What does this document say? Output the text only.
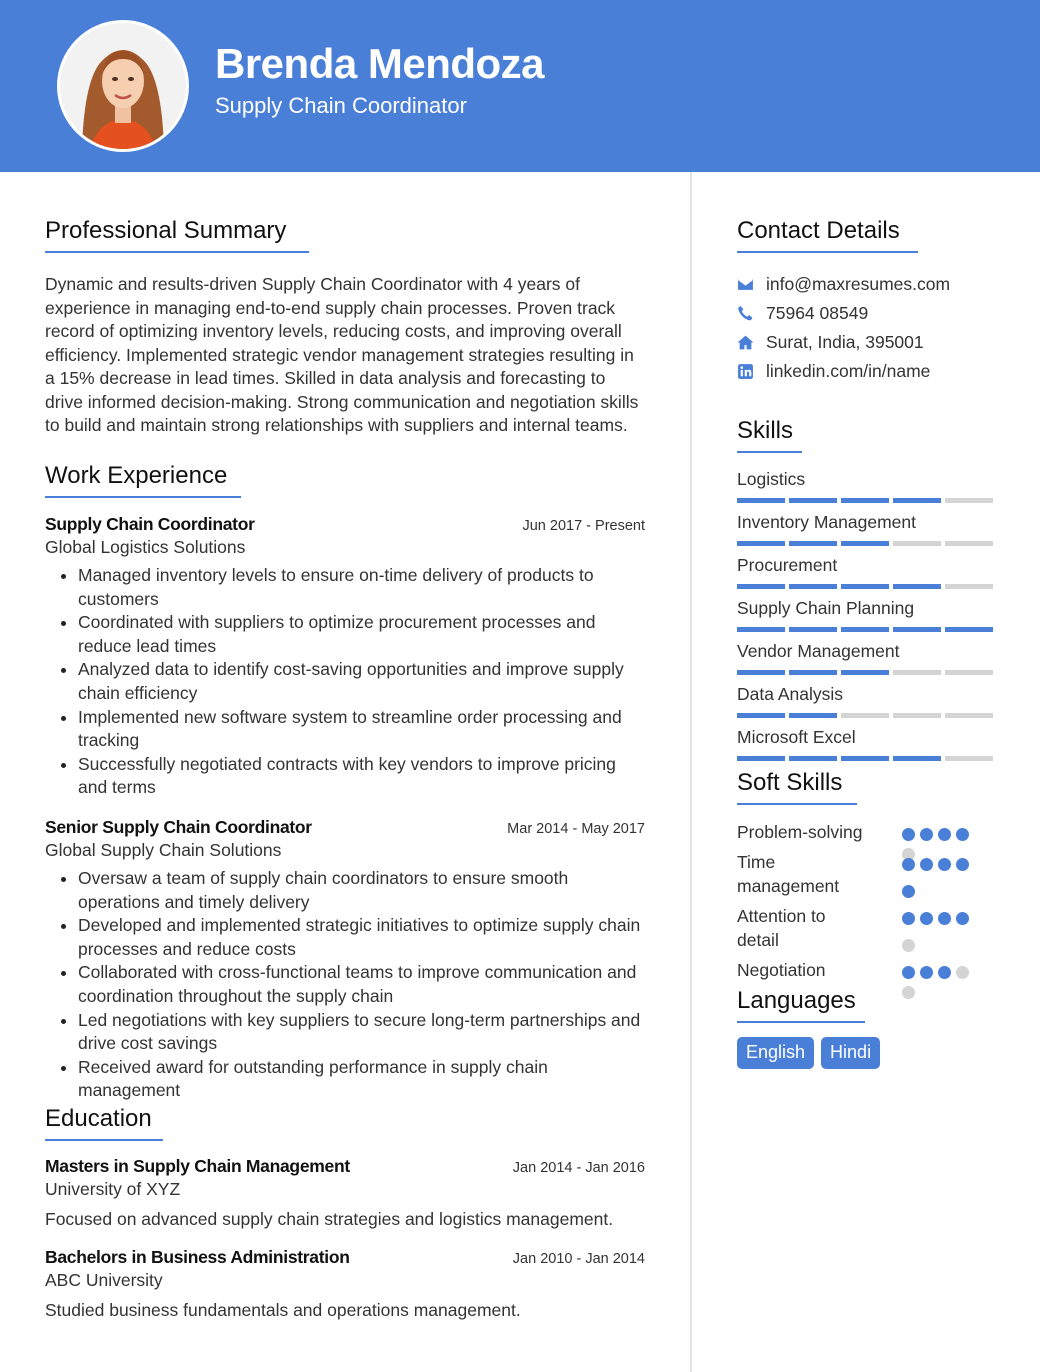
Brenda Mendoza
Supply Chain Coordinator
Professional Summary
Dynamic and results-driven Supply Chain Coordinator with 4 years of experience in managing end-to-end supply chain processes. Proven track record of optimizing inventory levels, reducing costs, and improving overall efficiency. Implemented strategic vendor management strategies resulting in a 15% decrease in lead times. Skilled in data analysis and forecasting to drive informed decision-making. Strong communication and negotiation skills to build and maintain strong relationships with suppliers and internal teams.
Work Experience
Supply Chain Coordinator	Jun 2017 - Present
Global Logistics Solutions
Managed inventory levels to ensure on-time delivery of products to customers
Coordinated with suppliers to optimize procurement processes and reduce lead times
Analyzed data to identify cost-saving opportunities and improve supply chain efficiency
Implemented new software system to streamline order processing and tracking
Successfully negotiated contracts with key vendors to improve pricing and terms
Senior Supply Chain Coordinator	Mar 2014 - May 2017
Global Supply Chain Solutions
Oversaw a team of supply chain coordinators to ensure smooth operations and timely delivery
Developed and implemented strategic initiatives to optimize supply chain processes and reduce costs
Collaborated with cross-functional teams to improve communication and coordination throughout the supply chain
Led negotiations with key suppliers to secure long-term partnerships and drive cost savings
Received award for outstanding performance in supply chain management
Education
Masters in Supply Chain Management	Jan 2014 - Jan 2016
University of XYZ
Focused on advanced supply chain strategies and logistics management.
Bachelors in Business Administration	Jan 2010 - Jan 2014
ABC University
Studied business fundamentals and operations management.
Contact Details
info@maxresumes.com
75964 08549
Surat, India, 395001
linkedin.com/in/name
Skills
Logistics
Inventory Management
Procurement
Supply Chain Planning
Vendor Management
Data Analysis
Microsoft Excel
Soft Skills
Problem-solving
Time management
Attention to detail
Negotiation
Languages
English	Hindi
